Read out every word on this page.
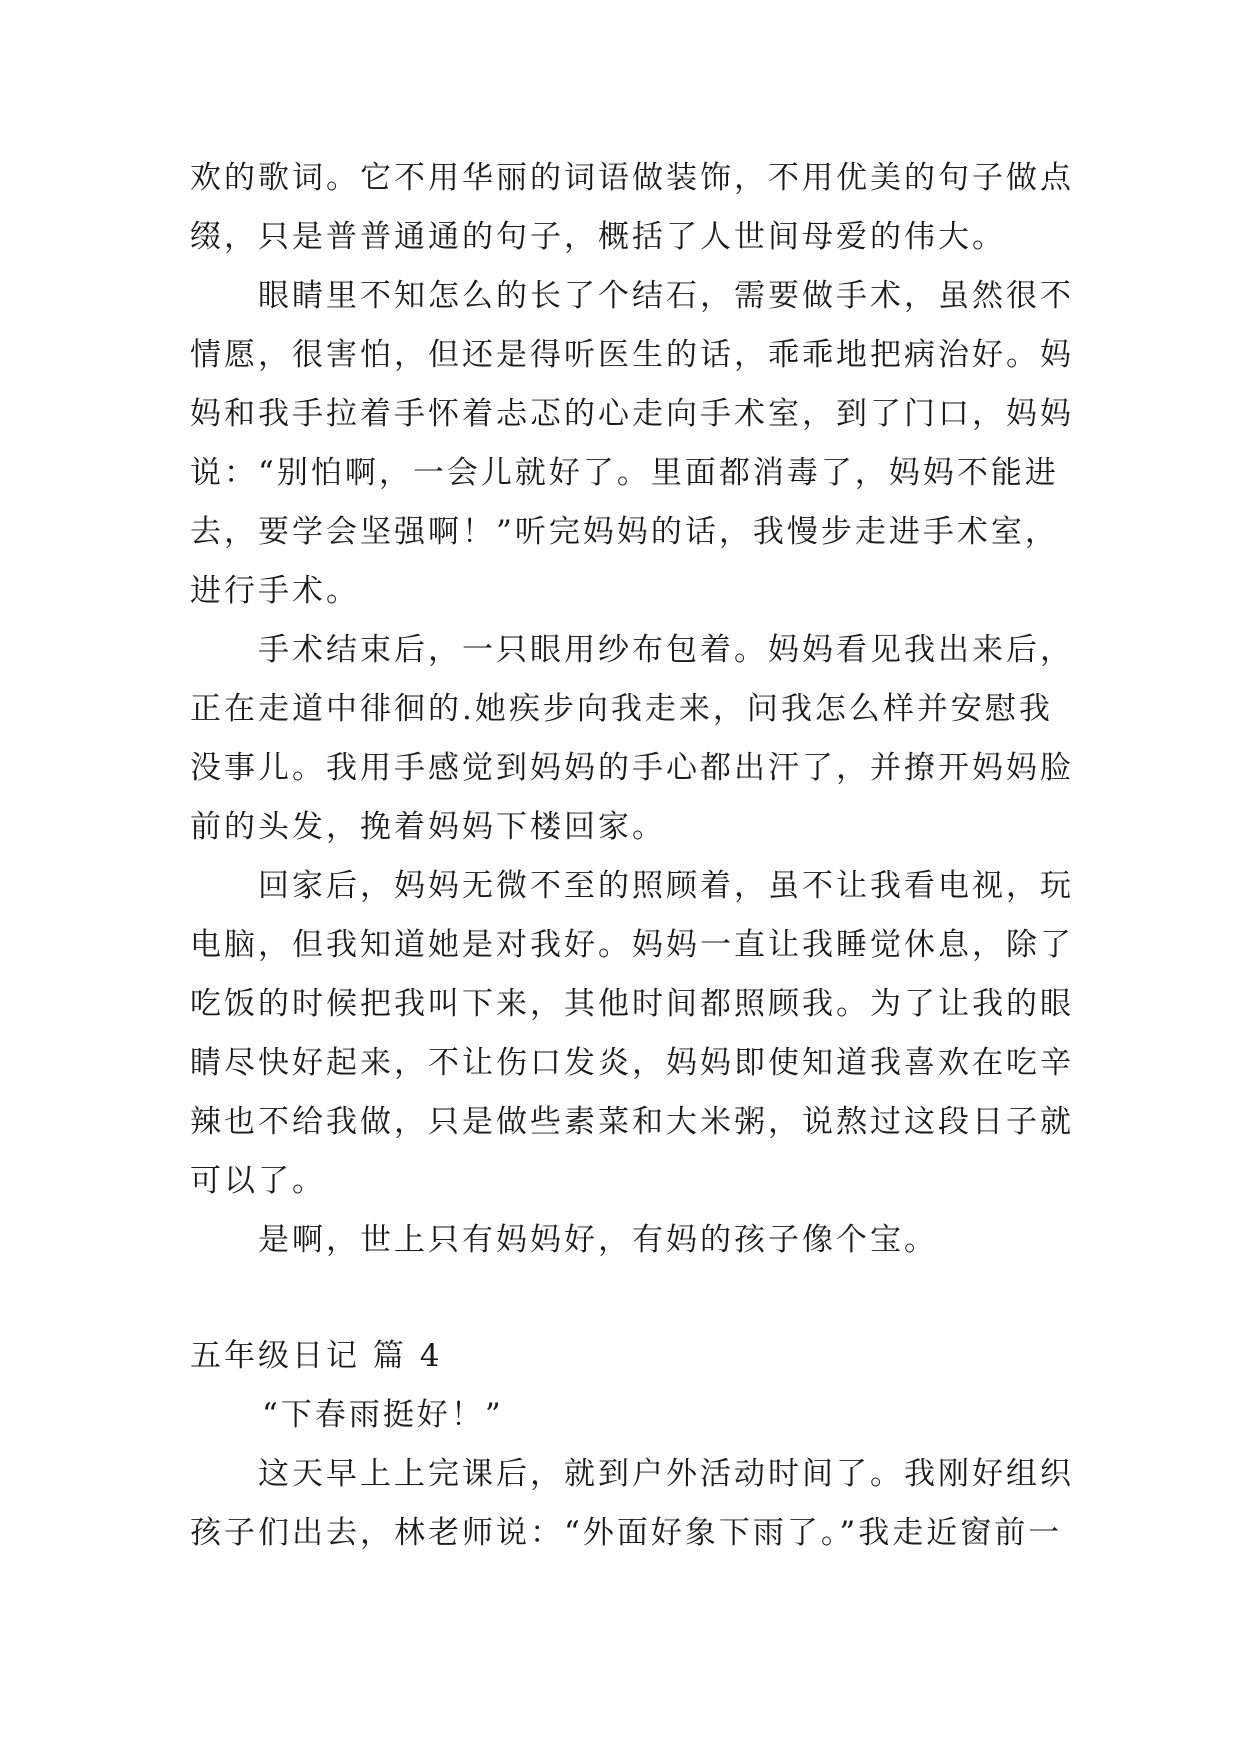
欢的歌词。它不用华丽的词语做装饰，不用优美的句子做点
缀，只是普普通通的句子，概括了人世间母爱的伟大。
眼睛里不知怎么的长了个结石，需要做手术，虽然很不
情愿，很害怕，但还是得听医生的话，乖乖地把病治好。妈
妈和我手拉着手怀着忐忑的心走向手术室，到了门口，妈妈
说：“别怕啊，一会儿就好了。里面都消毒了，妈妈不能进
去，要学会坚强啊！”听完妈妈的话，我慢步走进手术室，
进行手术。
手术结束后，一只眼用纱布包着。妈妈看见我出来后，
正在走道中徘徊的.她疾步向我走来，问我怎么样并安慰我
没事儿。我用手感觉到妈妈的手心都出汗了，并撩开妈妈脸
前的头发，挽着妈妈下楼回家。
回家后，妈妈无微不至的照顾着，虽不让我看电视，玩
电脑，但我知道她是对我好。妈妈一直让我睡觉休息，除了
吃饭的时候把我叫下来，其他时间都照顾我。为了让我的眼
睛尽快好起来，不让伤口发炎，妈妈即使知道我喜欢在吃辛
辣也不给我做，只是做些素菜和大米粥，说熬过这段日子就
可以了。
是啊，世上只有妈妈好，有妈的孩子像个宝。
五年级日记 篇 4
“下春雨挺好！”
这天早上上完课后，就到户外活动时间了。我刚好组织
孩子们出去，林老师说：“外面好象下雨了。”我走近窗前一
